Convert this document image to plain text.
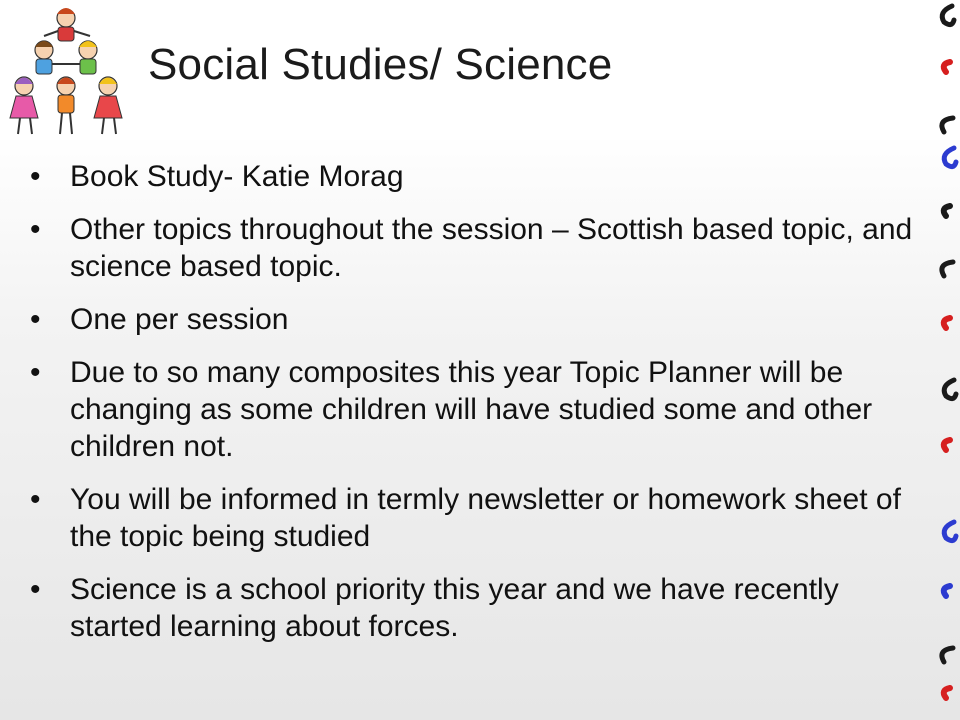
Social Studies/ Science
• Book Study- Katie Morag
• Other topics throughout the session – Scottish based topic, and science based topic.
• One per session
• Due to so many composites this year Topic Planner will be changing as some children will have studied some and other children not.
• You will be informed in termly newsletter or homework sheet of the topic being studied
• Science is a school priority this year and we have recently started learning about forces.
